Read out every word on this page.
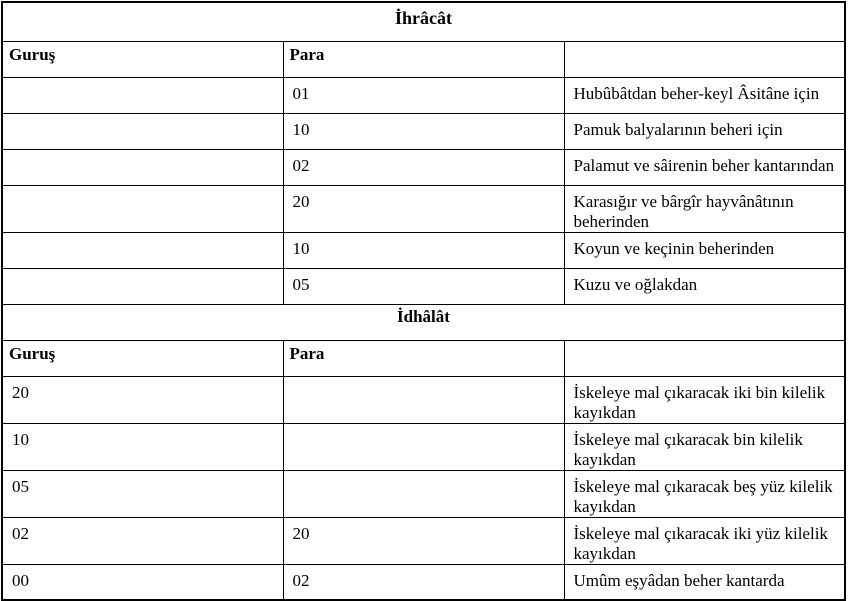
İhrâcât		
Guruş	Para	
	01	Hubûbâtdan beher-keyl Âsitâne için
	10	Pamuk balyalarının beheri için
	02	Palamut ve sâirenin beher kantarından
	20	Karasığır ve bârgîr hayvânâtının beherinden
	10	Koyun ve keçinin beherinden
	05	Kuzu ve oğlakdan
İdhâlât		
Guruş	Para	
20		İskeleye mal çıkaracak iki bin kilelik kayıkdan
10		İskeleye mal çıkaracak bin kilelik kayıkdan
05		İskeleye mal çıkaracak beş yüz kilelik kayıkdan
02	20	İskeleye mal çıkaracak iki yüz kilelik kayıkdan
00	02	Umûm eşyâdan beher kantarda
